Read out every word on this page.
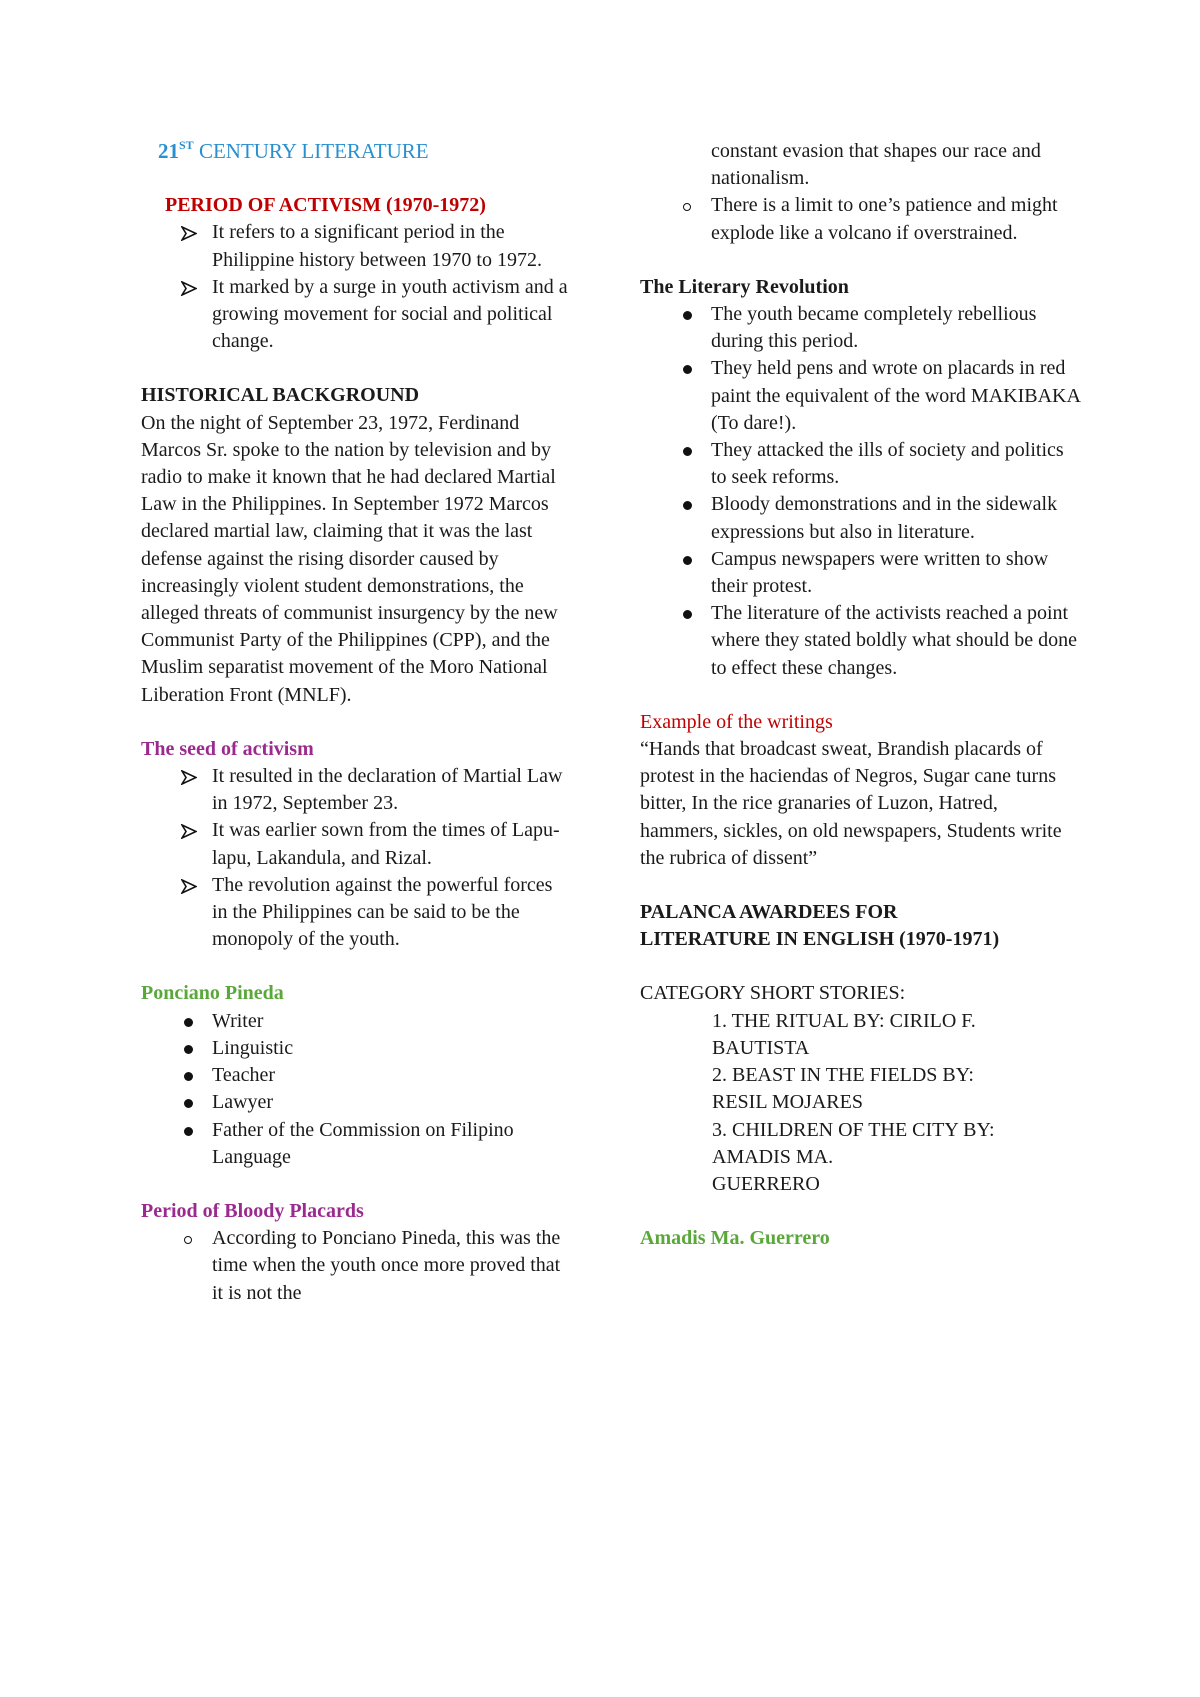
21ST CENTURY LITERATURE
PERIOD OF ACTIVISM (1970-1972)
It refers to a significant period in the Philippine history between 1970 to 1972.
It marked by a surge in youth activism and a growing movement for social and political change.
HISTORICAL BACKGROUND

On the night of September 23, 1972, Ferdinand Marcos Sr. spoke to the nation by television and by radio to make it known that he had declared Martial Law in the Philippines. In September 1972 Marcos declared martial law, claiming that it was the last defense against the rising disorder caused by increasingly violent student demonstrations, the alleged threats of communist insurgency by the new Communist Party of the Philippines (CPP), and the Muslim separatist movement of the Moro National Liberation Front (MNLF).

The seed of activism
It resulted in the declaration of Martial Law in 1972, September 23.
It was earlier sown from the times of Lapu-lapu, Lakandula, and Rizal.
The revolution against the powerful forces in the Philippines can be said to be the monopoly of the youth.
Ponciano Pineda
Writer
Linguistic
Teacher
Lawyer
Father of the Commission on Filipino Language
Period of Bloody Placards
According to Ponciano Pineda, this was the time when the youth once more proved that it is not the
constant evasion that shapes our race and nationalism.
There is a limit to one’s patience and might explode like a volcano if overstrained.
The Literary Revolution
The youth became completely rebellious during this period.
They held pens and wrote on placards in red paint the equivalent of the word MAKIBAKA (To dare!).
They attacked the ills of society and politics to seek reforms.
Bloody demonstrations and in the sidewalk expressions but also in literature.
Campus newspapers were written to show their protest.
The literature of the activists reached a point where they stated boldly what should be done to effect these changes.
Example of the writings

“Hands that broadcast sweat, Brandish placards of protest in the haciendas of Negros, Sugar cane turns bitter, In the rice granaries of Luzon, Hatred, hammers, sickles, on old newspapers, Students write the rubrica of dissent”

PALANCA AWARDEES FOR
LITERATURE IN ENGLISH (1970-1971)
CATEGORY SHORT STORIES:
1. THE RITUAL BY: CIRILO F.
BAUTISTA
2. BEAST IN THE FIELDS BY:
RESIL MOJARES
3. CHILDREN OF THE CITY BY:
AMADIS MA.
GUERRERO
Amadis Ma. Guerrero
